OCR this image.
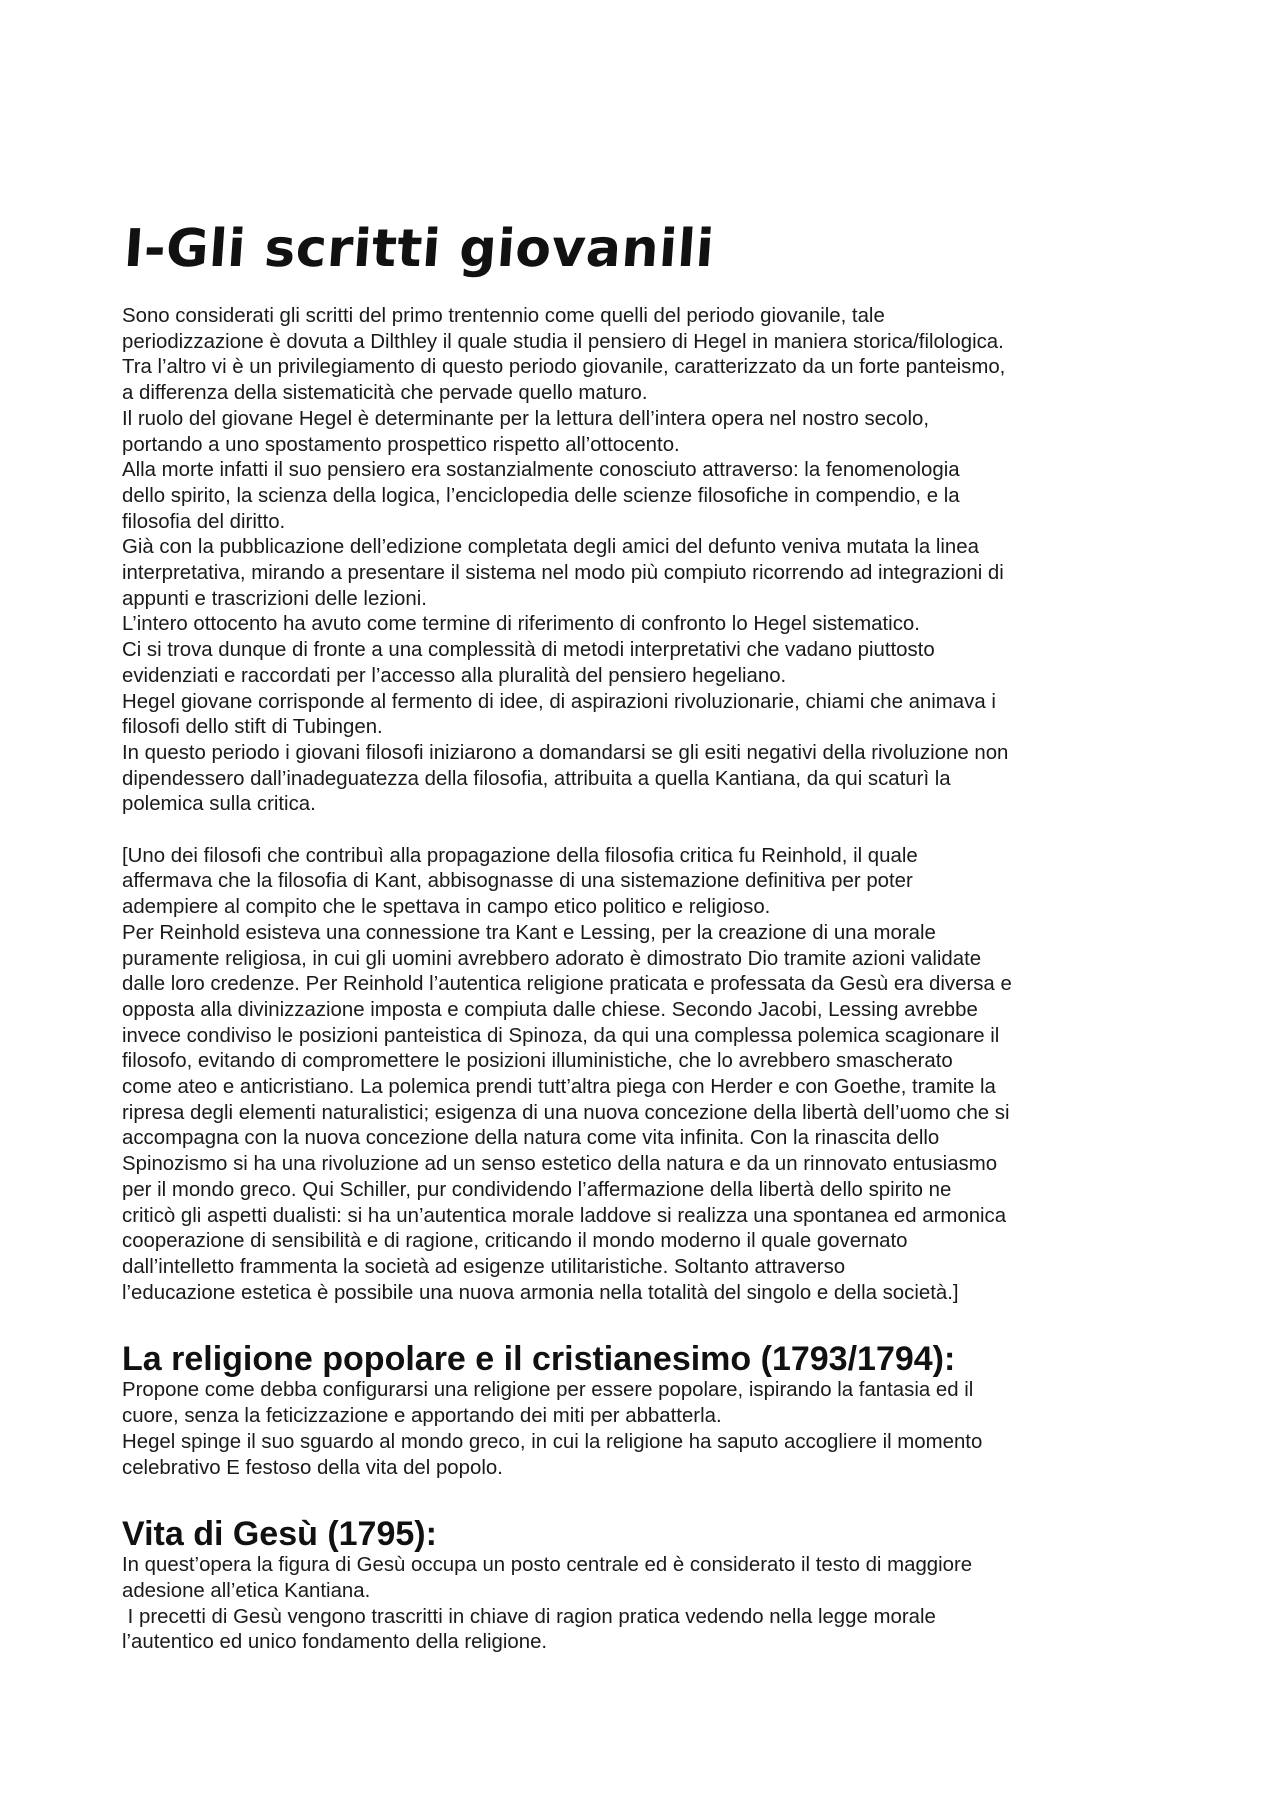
I-Gli scritti giovanili
Sono considerati gli scritti del primo trentennio come quelli del periodo giovanile, tale
periodizzazione è dovuta a Dilthley il quale studia il pensiero di Hegel in maniera storica/filologica.
Tra l’altro vi è un privilegiamento di questo periodo giovanile, caratterizzato da un forte panteismo,
a differenza della sistematicità che pervade quello maturo.
Il ruolo del giovane Hegel è determinante per la lettura dell’intera opera nel nostro secolo,
portando a uno spostamento prospettico rispetto all’ottocento.
Alla morte infatti il suo pensiero era sostanzialmente conosciuto attraverso: la fenomenologia
dello spirito, la scienza della logica, l’enciclopedia delle scienze filosofiche in compendio, e la
filosofia del diritto.
Già con la pubblicazione dell’edizione completata degli amici del defunto veniva mutata la linea
interpretativa, mirando a presentare il sistema nel modo più compiuto ricorrendo ad integrazioni di
appunti e trascrizioni delle lezioni.
L’intero ottocento ha avuto come termine di riferimento di confronto lo Hegel sistematico.
Ci si trova dunque di fronte a una complessità di metodi interpretativi che vadano piuttosto
evidenziati e raccordati per l’accesso alla pluralità del pensiero hegeliano.
Hegel giovane corrisponde al fermento di idee, di aspirazioni rivoluzionarie, chiami che animava i
filosofi dello stift di Tubingen.
In questo periodo i giovani filosofi iniziarono a domandarsi se gli esiti negativi della rivoluzione non
dipendessero dall’inadeguatezza della filosofia, attribuita a quella Kantiana, da qui scaturì la
polemica sulla critica.
[Uno dei filosofi che contribuì alla propagazione della filosofia critica fu Reinhold, il quale
affermava che la filosofia di Kant, abbisognasse di una sistemazione definitiva per poter
adempiere al compito che le spettava in campo etico politico e religioso.
Per Reinhold esisteva una connessione tra Kant e Lessing, per la creazione di una morale
puramente religiosa, in cui gli uomini avrebbero adorato è dimostrato Dio tramite azioni validate
dalle loro credenze. Per Reinhold l’autentica religione praticata e professata da Gesù era diversa e
opposta alla divinizzazione imposta e compiuta dalle chiese. Secondo Jacobi, Lessing avrebbe
invece condiviso le posizioni panteistica di Spinoza, da qui una complessa polemica scagionare il
filosofo, evitando di compromettere le posizioni illuministiche, che lo avrebbero smascherato
come ateo e anticristiano. La polemica prendi tutt’altra piega con Herder e con Goethe, tramite la
ripresa degli elementi naturalistici; esigenza di una nuova concezione della libertà dell’uomo che si
accompagna con la nuova concezione della natura come vita infinita. Con la rinascita dello
Spinozismo si ha una rivoluzione ad un senso estetico della natura e da un rinnovato entusiasmo
per il mondo greco. Qui Schiller, pur condividendo l’affermazione della libertà dello spirito ne
criticò gli aspetti dualisti: si ha un’autentica morale laddove si realizza una spontanea ed armonica
cooperazione di sensibilità e di ragione, criticando il mondo moderno il quale governato
dall’intelletto frammenta la società ad esigenze utilitaristiche. Soltanto attraverso
l’educazione estetica è possibile una nuova armonia nella totalità del singolo e della società.]
La religione popolare e il cristianesimo (1793/1794):
Propone come debba configurarsi una religione per essere popolare, ispirando la fantasia ed il
cuore, senza la feticizzazione e apportando dei miti per abbatterla.
Hegel spinge il suo sguardo al mondo greco, in cui la religione ha saputo accogliere il momento
celebrativo E festoso della vita del popolo.
Vita di Gesù (1795):
In quest’opera la figura di Gesù occupa un posto centrale ed è considerato il testo di maggiore
adesione all’etica Kantiana.
I precetti di Gesù vengono trascritti in chiave di ragion pratica vedendo nella legge morale
l’autentico ed unico fondamento della religione.
